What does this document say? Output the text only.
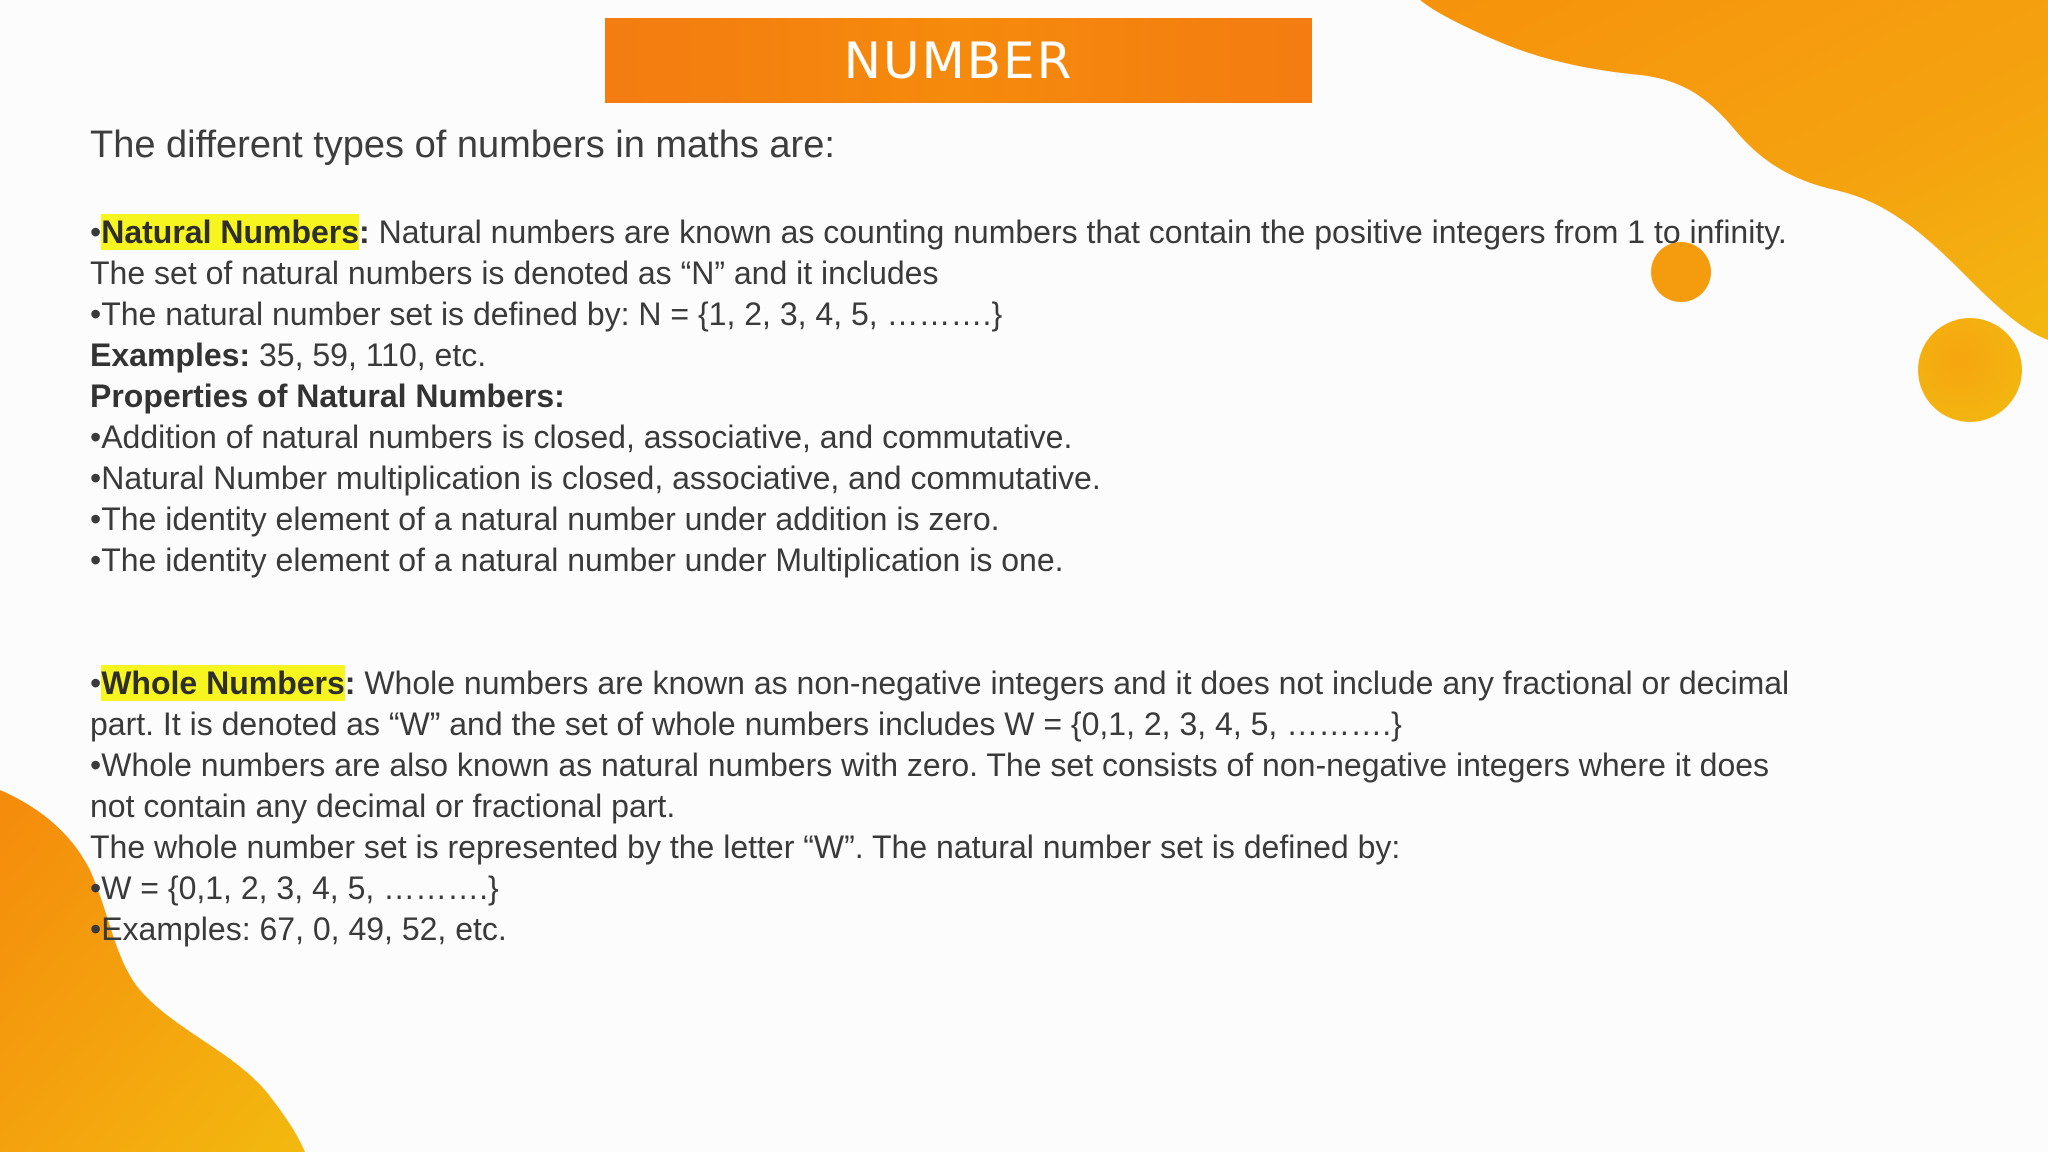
NUMBER
The different types of numbers in maths are:
•Natural Numbers: Natural numbers are known as counting numbers that contain the positive integers from 1 to infinity.
The set of natural numbers is denoted as “N” and it includes
•The natural number set is defined by: N = {1, 2, 3, 4, 5, ……….}
Examples: 35, 59, 110, etc.
Properties of Natural Numbers:
•Addition of natural numbers is closed, associative, and commutative.
•Natural Number multiplication is closed, associative, and commutative.
•The identity element of a natural number under addition is zero.
•The identity element of a natural number under Multiplication is one.
•Whole Numbers: Whole numbers are known as non-negative integers and it does not include any fractional or decimal
part. It is denoted as “W” and the set of whole numbers includes W = {0,1, 2, 3, 4, 5, ……….}
•Whole numbers are also known as natural numbers with zero. The set consists of non-negative integers where it does
not contain any decimal or fractional part.
The whole number set is represented by the letter “W”. The natural number set is defined by:
•W = {0,1, 2, 3, 4, 5, ……….}
•Examples: 67, 0, 49, 52, etc.
